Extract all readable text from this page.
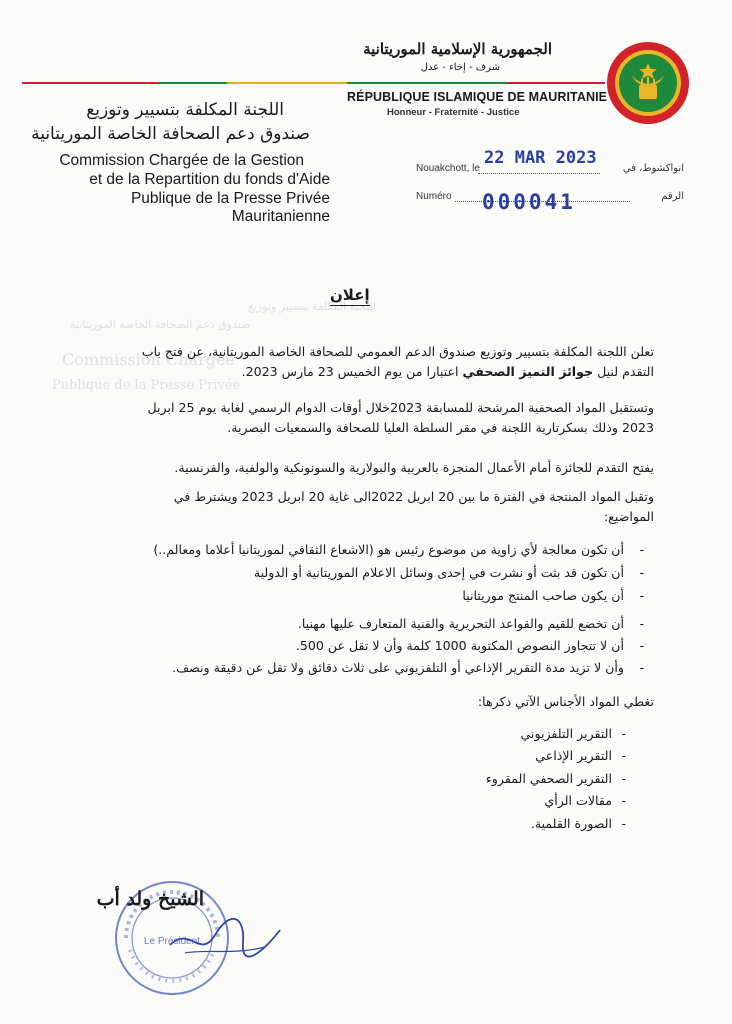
الجمهورية الإسلامية الموريتانية
شرف - إخاء - عدل
RÉPUBLIQUE ISLAMIQUE DE MAURITANIE
Honneur - Fraternité - Justice
اللجنة المكلفة بتسيير وتوزيع
صندوق دعم الصحافة الخاصة الموريتانية
Commission Chargée de la Gestion
et de la Repartition du fonds d'Aide
Publique de la Presse Privée Mauritanienne
Nouakchott, le
22 MAR 2023
انواكشوط، في
Numéro 000041	الرقم
اللجنة المكلفة بتسيير وتوزيع
صندوق دعم الصحافة الخاصة الموريتانية
Commission Chargée
Publique de la Presse Privée
إعلان
تعلن اللجنة المكلفة بتسيير وتوزيع صندوق الدعم العمومي للصحافة الخاصة الموريتانية، عن فتح باب
التقدم لنيل جوائز التميز الصحفي اعتبارا من يوم الخميس 23 مارس 2023.
وتستقبل المواد الصحفية المرشحة للمسابقة 2023خلال أوقات الدوام الرسمي لغاية يوم 25 ابريل
2023 وذلك بسكرتارية اللجنة في مقر السلطة العليا للصحافة والسمعيات البصرية.
يفتح التقدم للجائزة أمام الأعمال المنجزة بالعربية والبولارية والسونونكية والولفية، والفرنسية.
وتقبل المواد المنتجة في الفترة ما بين 20 ابريل 2022الى غاية 20 ابريل 2023 ويشترط في
المواضيع:
- أن تكون معالجة لأي زاوية من موضوع رئيس هو (الاشعاع الثقافي لموريتانيا أعلاما ومعالم..)
- أن تكون قد بثت أو نشرت في إحدى وسائل الاعلام الموريتانية أو الدولية
- أن يكون صاحب المنتج موريتانيا
- أن تخضع للقيم والقواعد التحريرية والفنية المتعارف عليها مهنيا.
- أن لا تتجاوز النصوص المكتوبة 1000 كلمة وأن لا تقل عن 500.
- وأن لا تزيد مدة التقرير الإذاعي أو التلفزيوني على ثلاث دقائق ولا تقل عن دقيقة ونصف.
تغطي المواد الأجناس الآتي ذكرها:
- التقرير التلفزيوني
- التقرير الإذاعي
- التقرير الصحفي المقروء
- مقالات الرأي
- الصورة القلمية.
Le Président
الشيخ ولد أب
